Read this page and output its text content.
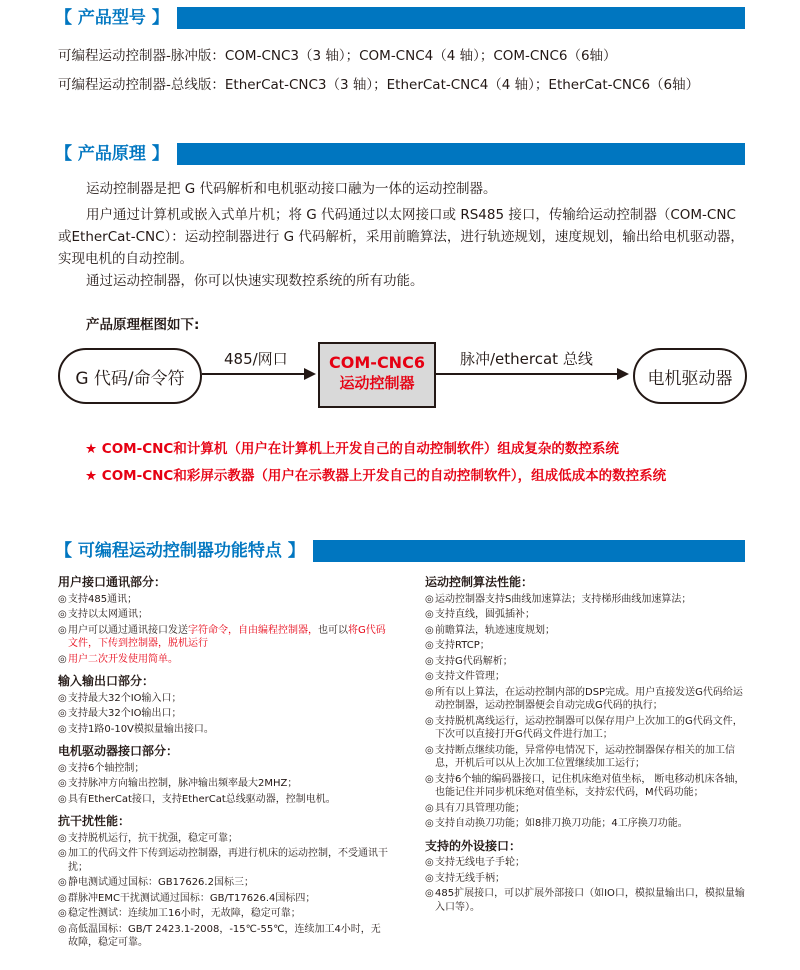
【 产品型号 】
可编程运动控制器-脉冲版：COM-CNC3（3 轴）；COM-CNC4（4 轴）；COM-CNC6（6轴）
可编程运动控制器-总线版：EtherCat-CNC3（3 轴）；EtherCat-CNC4（4 轴）；EtherCat-CNC6（6轴）
【 产品原理 】
运动控制器是把 G 代码解析和电机驱动接口融为一体的运动控制器。
用户通过计算机或嵌入式单片机；将 G 代码通过以太网接口或 RS485 接口，传输给运动控制器（COM-CNC 或EtherCat-CNC）：运动控制器进行 G 代码解析，采用前瞻算法，进行轨迹规划，速度规划，输出给电机驱动器，实现电机的自动控制。
通过运动控制器，你可以快速实现数控系统的所有功能。
产品原理框图如下:
G 代码/命令符
COM-CNC6
运动控制器	电机驱动器
485/网口	脉冲/ethercat 总线
★ COM-CNC和计算机（用户在计算机上开发自己的自动控制软件）组成复杂的数控系统
★ COM-CNC和彩屏示教器（用户在示教器上开发自己的自动控制软件），组成低成本的数控系统
【 可编程运动控制器功能特点 】
用户接口通讯部分：
◎ 支持485通讯；
◎ 支持以太网通讯；
◎ 用户可以通过通讯接口发送字符命令，自由编程控制器，也可以将G代码文件，下传到控制器，脱机运行
◎ 用户二次开发使用简单。
输入输出口部分：
◎ 支持最大32个IO输入口；
◎ 支持最大32个IO输出口；
◎ 支持1路0-10V模拟量输出接口。
电机驱动器接口部分：
◎ 支持6个轴控制；
◎ 支持脉冲方向输出控制，脉冲输出频率最大2MHZ；
◎ 具有EtherCat接口，支持EtherCat总线驱动器，控制电机。
抗干扰性能：
◎ 支持脱机运行，抗干扰强，稳定可靠；
◎ 加工的代码文件下传到运动控制器，再进行机床的运动控制，不受通讯干扰；
◎ 静电测试通过国标：GB17626.2国标三；
◎ 群脉冲EMC干扰测试通过国标：GB/T17626.4国标四；
◎ 稳定性测试：连续加工16小时，无故障，稳定可靠；
◎ 高低温国标：GB/T 2423.1-2008，-15℃-55℃，连续加工4小时，无故障，稳定可靠。
运动控制算法性能：
◎ 运动控制器支持S曲线加速算法；支持梯形曲线加速算法；
◎ 支持直线，圆弧插补；
◎ 前瞻算法，轨迹速度规划；
◎ 支持RTCP；
◎ 支持G代码解析；
◎ 支持文件管理；
◎ 所有以上算法，在运动控制内部的DSP完成。用户直接发送G代码给运动控制器，运动控制器便会自动完成G代码的执行；
◎ 支持脱机离线运行，运动控制器可以保存用户上次加工的G代码文件，下次可以直接打开G代码文件进行加工；
◎ 支持断点继续功能，异常停电情况下，运动控制器保存相关的加工信息，开机后可以从上次加工位置继续加工运行；
◎ 支持6个轴的编码器接口，记住机床绝对值坐标， 断电移动机床各轴，也能记住并同步机床绝对值坐标，支持宏代码，M代码功能；
◎ 具有刀具管理功能；
◎ 支持自动换刀功能；如8排刀换刀功能；4工序换刀功能。
支持的外设接口：
◎ 支持无线电子手轮；
◎ 支持无线手柄；
◎ 485扩展接口，可以扩展外部接口（如IO口，模拟量输出口，模拟量输入口等）。
